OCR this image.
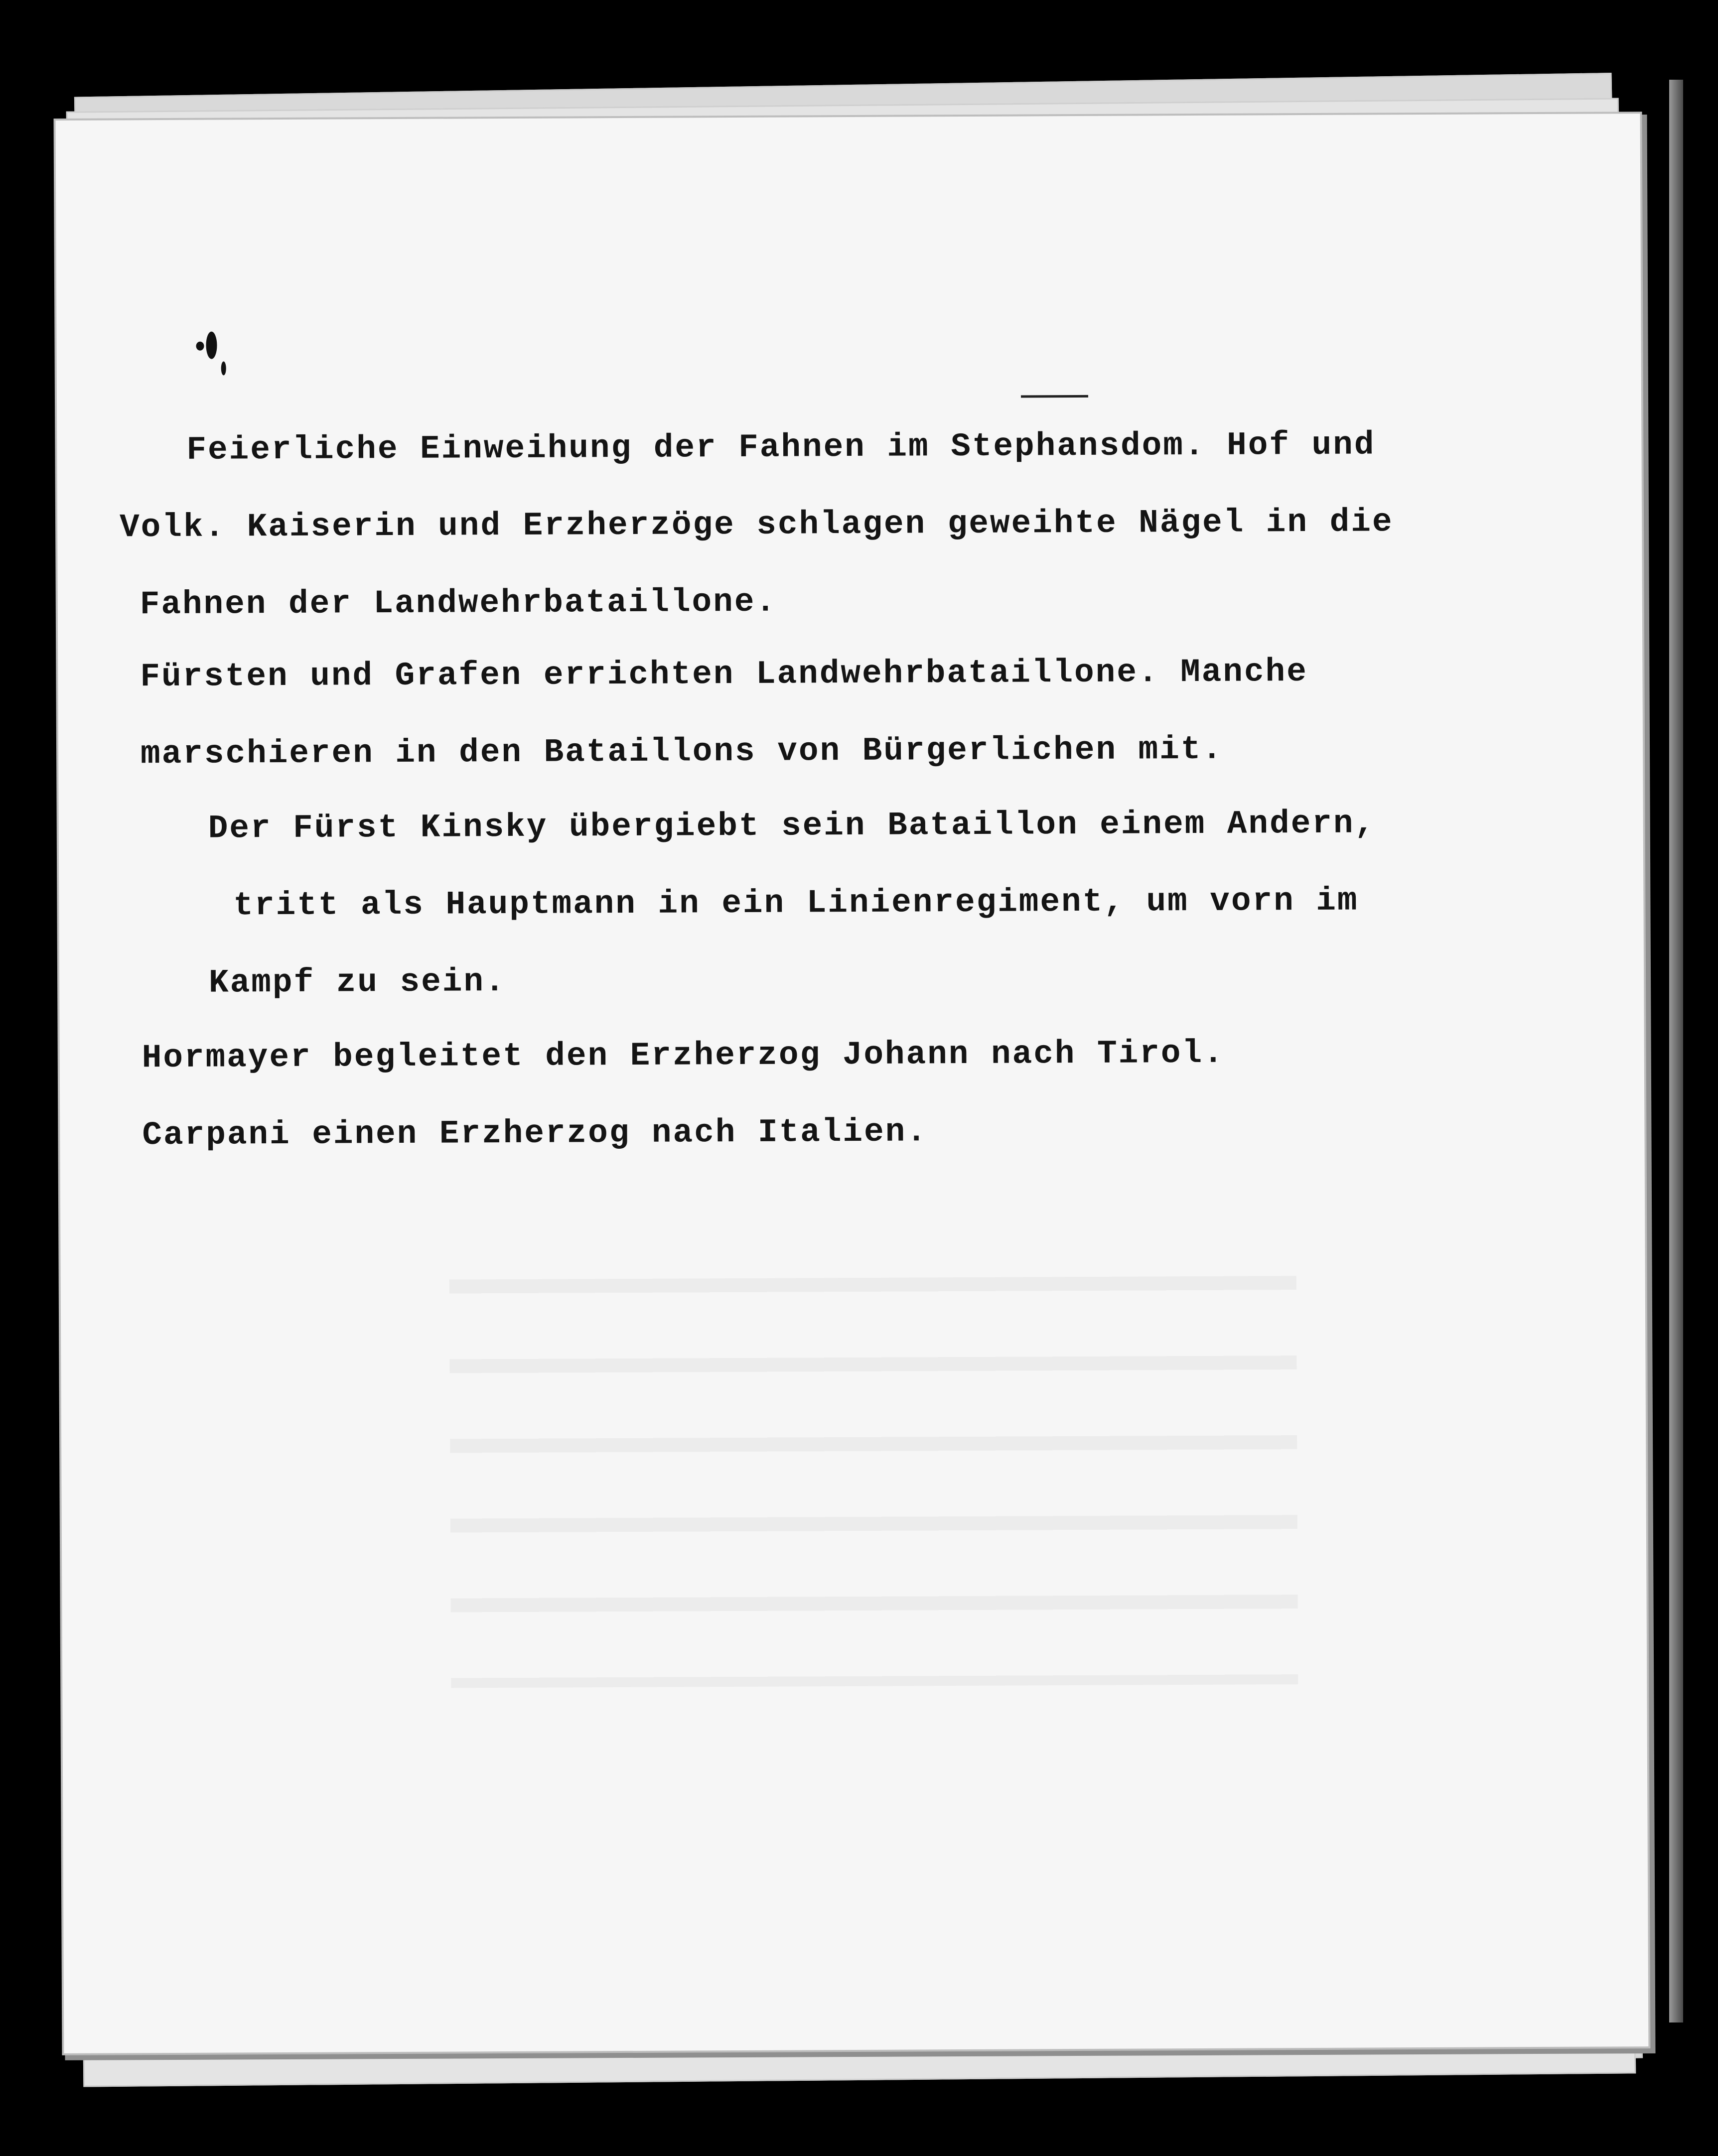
Feierliche Einweihung der Fahnen im Stephansdom. Hof und
Volk. Kaiserin und Erzherzöge schlagen geweihte Nägel in die
Fahnen der Landwehrbataillone.
Fürsten und Grafen errichten Landwehrbataillone. Manche
marschieren in den Bataillons von Bürgerlichen mit.
Der Fürst Kinsky übergiebt sein Bataillon einem Andern,
tritt als Hauptmann in ein Linienregiment, um vorn im
Kampf zu sein.
Hormayer begleitet den Erzherzog Johann nach Tirol.
Carpani einen Erzherzog nach Italien.
